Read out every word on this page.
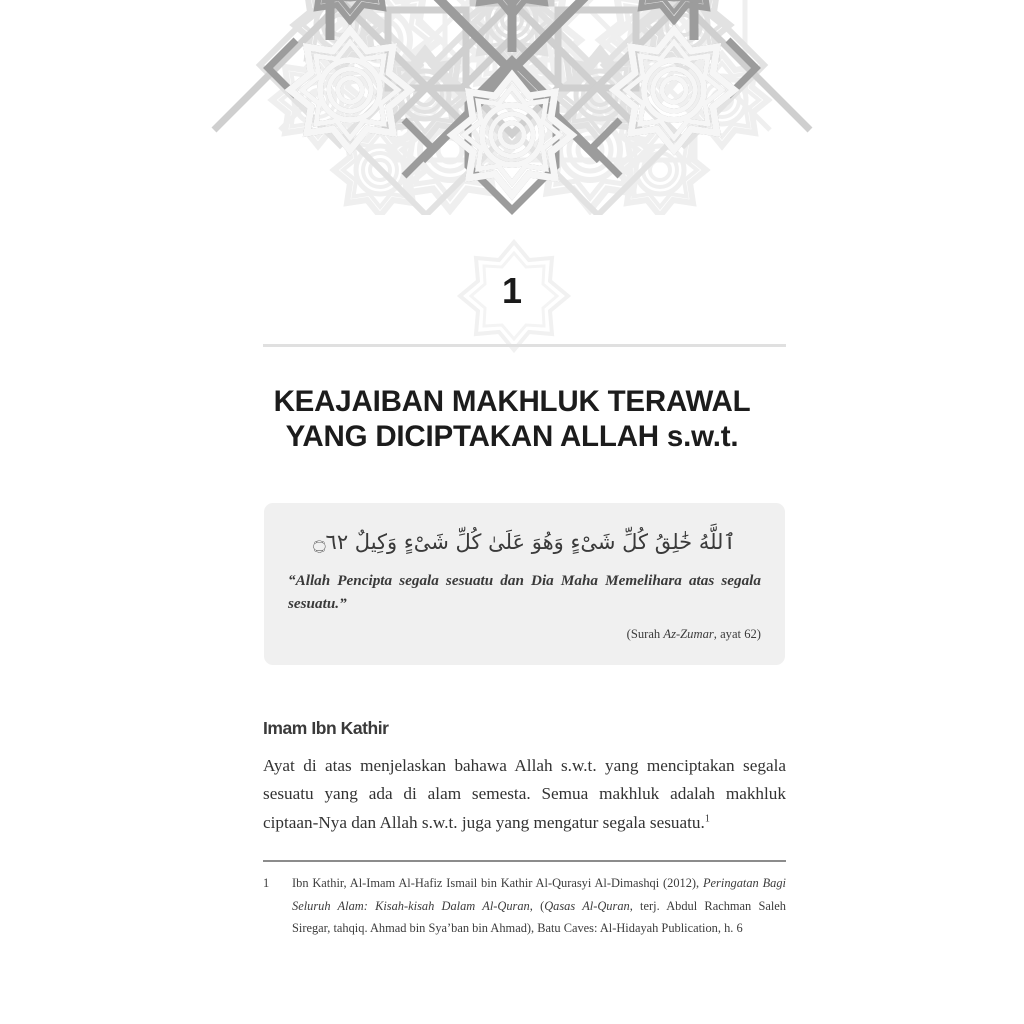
1
KEAJAIBAN MAKHLUK TERAWAL
YANG DICIPTAKAN ALLAH s.w.t.
ٱللَّهُ خَٰلِقُ كُلِّ شَىْءٍ وَهُوَ عَلَىٰ كُلِّ شَىْءٍ وَكِيلٌ ۝٦٢
“Allah Pencipta segala sesuatu dan Dia Maha Memelihara atas segala sesuatu.”
(Surah Az-Zumar, ayat 62)
Imam Ibn Kathir

Ayat di atas menjelaskan bahawa Allah s.w.t. yang menciptakan segala sesuatu yang ada di alam semesta. Semua makhluk adalah makhluk ciptaan-Nya dan Allah s.w.t. juga yang mengatur segala sesuatu.$^1$

1	Ibn Kathir, Al-Imam Al-Hafiz Ismail bin Kathir Al-Qurasyi Al-Dimashqi (2012), Peringatan Bagi Seluruh Alam: Kisah-kisah Dalam Al-Quran, (Qasas Al-Quran, terj. Abdul Rachman Saleh Siregar, tahqiq. Ahmad bin Sya’ban bin Ahmad), Batu Caves: Al-Hidayah Publication, h. 6
